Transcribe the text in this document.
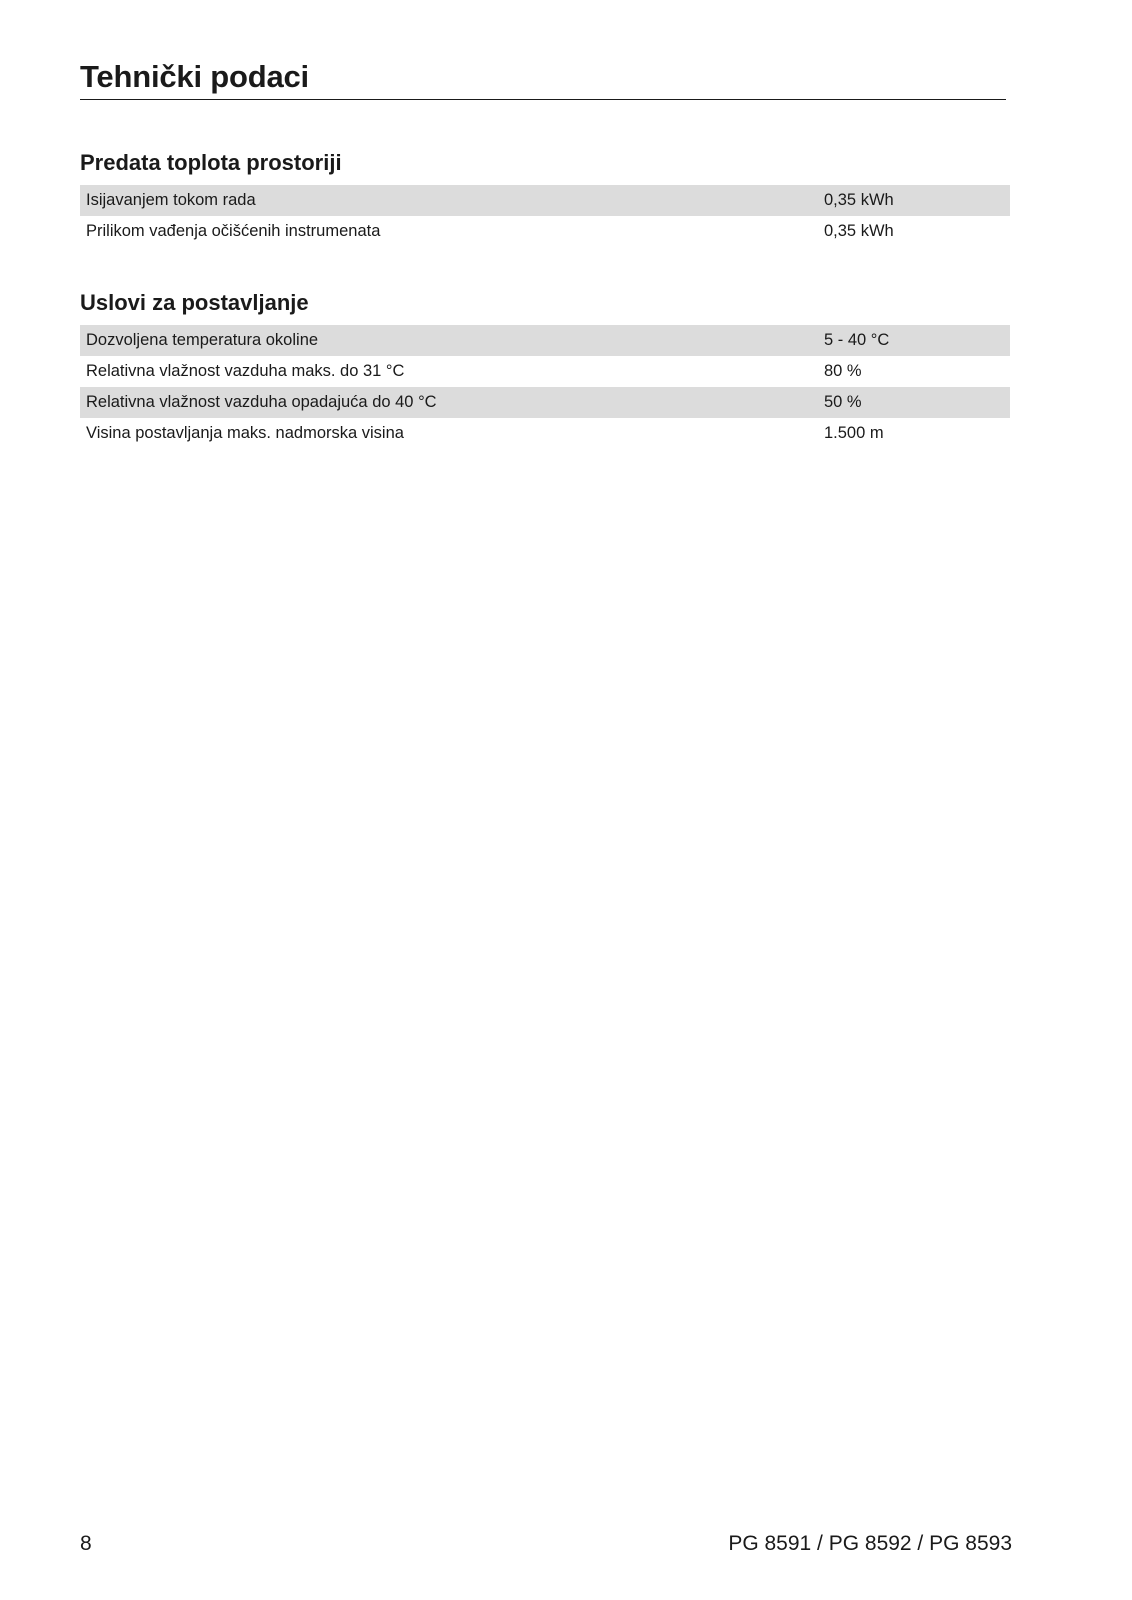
Tehnički podaci
Predata toplota prostoriji
Isijavanjem tokom rada	0,35 kWh
Prilikom vađenja očišćenih instrumenata	0,35 kWh
Uslovi za postavljanje
Dozvoljena temperatura okoline	5 - 40 °C
Relativna vlažnost vazduha maks. do 31 °C	80 %
Relativna vlažnost vazduha opadajuća do 40 °C	50 %
Visina postavljanja maks. nadmorska visina	1.500 m
8	PG 8591 / PG 8592 / PG 8593
